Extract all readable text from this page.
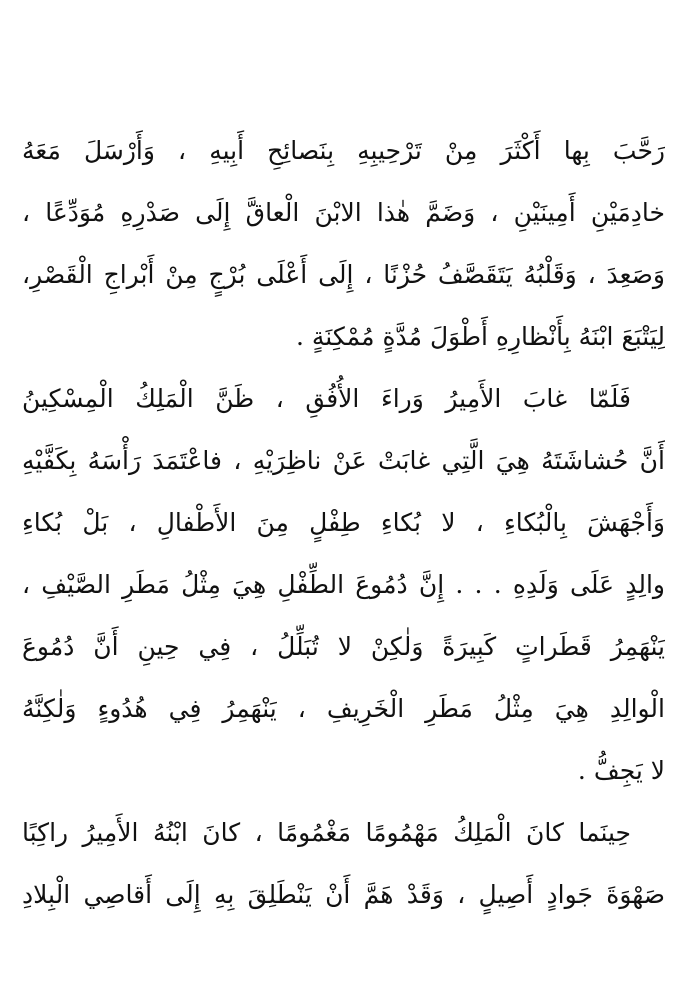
رَحَّبَ بِها أَكْثَرَ مِنْ تَرْحِيبِهِ بِنَصائِحِ أَبِيهِ ، وَأَرْسَلَ مَعَهُ
خادِمَيْنِ أَمِينَيْنِ ، وَضَمَّ هٰذا الابْنَ الْعاقَّ إِلَى صَدْرِهِ مُوَدِّعًا ،
وَصَعِدَ ، وَقَلْبُهُ يَتَقَصَّفُ حُزْنًا ، إِلَى أَعْلَى بُرْجٍ مِنْ أَبْراجِ الْقَصْرِ،
لِيَتْبَعَ ابْنَهُ بِأَنْظارِهِ أَطْوَلَ مُدَّةٍ مُمْكِنَةٍ .
فَلَمّا غابَ الأَمِيرُ وَراءَ الأُفُقِ ، ظَنَّ الْمَلِكُ الْمِسْكِينُ
أَنَّ حُشاشَتَهُ هِيَ الَّتِي غابَتْ عَنْ ناظِرَيْهِ ، فاعْتَمَدَ رَأْسَهُ بِكَفَّيْهِ
وَأَجْهَشَ بِالْبُكاءِ ، لا بُكاءِ طِفْلٍ مِنَ الأَطْفالِ ، بَلْ بُكاءِ
والِدٍ عَلَى وَلَدِهِ . . . إِنَّ دُمُوعَ الطِّفْلِ هِيَ مِثْلُ مَطَرِ الصَّيْفِ ،
يَنْهَمِرُ قَطَراتٍ كَبِيرَةً وَلٰكِنْ لا تُبَلِّلُ ، فِي حِينِ أَنَّ دُمُوعَ
الْوالِدِ هِيَ مِثْلُ مَطَرِ الْخَرِيفِ ، يَنْهَمِرُ فِي هُدُوءٍ وَلٰكِنَّهُ
لا يَجِفُّ .
حِينَما كانَ الْمَلِكُ مَهْمُومًا مَغْمُومًا ، كانَ ابْنُهُ الأَمِيرُ راكِبًا
صَهْوَةَ جَوادٍ أَصِيلٍ ، وَقَدْ هَمَّ أَنْ يَنْطَلِقَ بِهِ إِلَى أَقاصِي الْبِلادِ
